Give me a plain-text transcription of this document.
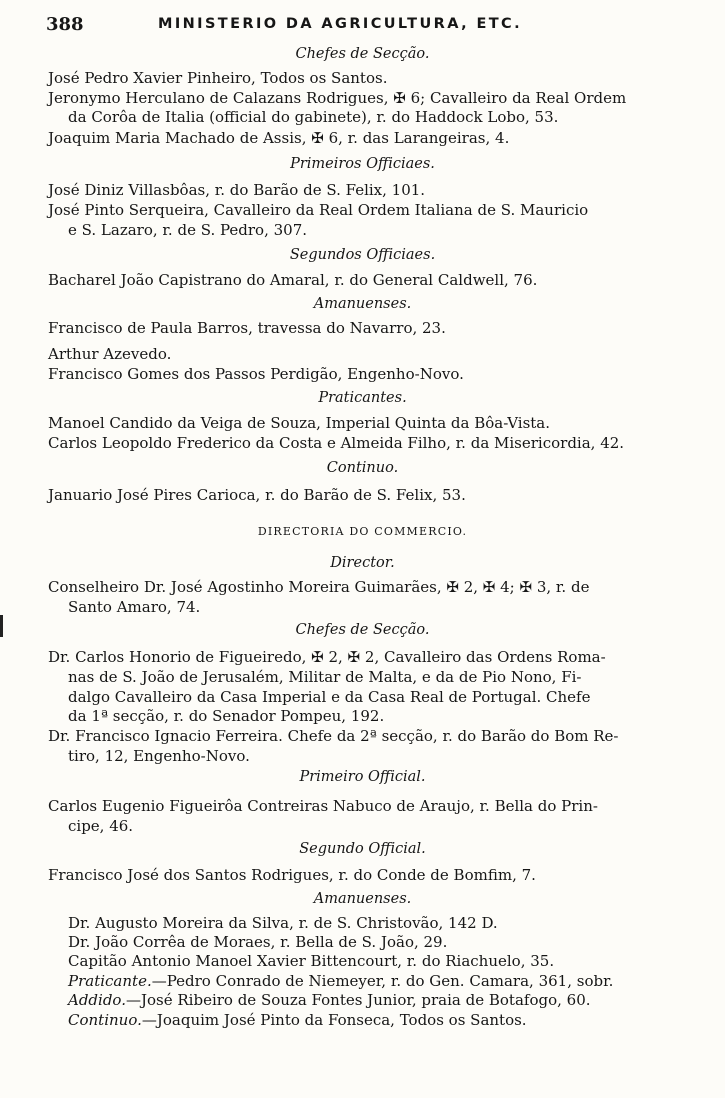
388	MINISTERIO DA AGRICULTURA, ETC.
Chefes de Secção.
José Pedro Xavier Pinheiro, Todos os Santos.
Jeronymo Herculano de Calazans Rodrigues, ✠ 6; Cavalleiro da Real Ordem
da Corôa de Italia (official do gabinete), r. do Haddock Lobo, 53.
Joaquim Maria Machado de Assis, ✠ 6, r. das Larangeiras, 4.
Primeiros Officiaes.
José Diniz Villasbôas, r. do Barão de S. Felix, 101.
José Pinto Serqueira, Cavalleiro da Real Ordem Italiana de S. Mauricio
e S. Lazaro, r. de S. Pedro, 307.
Segundos Officiaes.
Bacharel João Capistrano do Amaral, r. do General Caldwell, 76.
Amanuenses.
Francisco de Paula Barros, travessa do Navarro, 23.
Arthur Azevedo.
Francisco Gomes dos Passos Perdigão, Engenho-Novo.
Praticantes.
Manoel Candido da Veiga de Souza, Imperial Quinta da Bôa-Vista.
Carlos Leopoldo Frederico da Costa e Almeida Filho, r. da Misericordia, 42.
Continuo.
Januario José Pires Carioca, r. do Barão de S. Felix, 53.
DIRECTORIA DO COMMERCIO.
Director.
Conselheiro Dr. José Agostinho Moreira Guimarães, ✠ 2, ✠ 4; ✠ 3, r. de
Santo Amaro, 74.
Chefes de Secção.
Dr. Carlos Honorio de Figueiredo, ✠ 2, ✠ 2, Cavalleiro das Ordens Roma-
nas de S. João de Jerusalém, Militar de Malta, e da de Pio Nono, Fi-
dalgo Cavalleiro da Casa Imperial e da Casa Real de Portugal. Chefe
da 1ª secção, r. do Senador Pompeu, 192.
Dr. Francisco Ignacio Ferreira. Chefe da 2ª secção, r. do Barão do Bom Re-
tiro, 12, Engenho-Novo.
Primeiro Official.
Carlos Eugenio Figueirôa Contreiras Nabuco de Araujo, r. Bella do Prin-
cipe, 46.
Segundo Official.
Francisco José dos Santos Rodrigues, r. do Conde de Bomfim, 7.
Amanuenses.
Dr. Augusto Moreira da Silva, r. de S. Christovão, 142 D.
Dr. João Corrêa de Moraes, r. Bella de S. João, 29.
Capitão Antonio Manoel Xavier Bittencourt, r. do Riachuelo, 35.
Praticante.—Pedro Conrado de Niemeyer, r. do Gen. Camara, 361, sobr.
Addido.—José Ribeiro de Souza Fontes Junior, praia de Botafogo, 60.
Continuo.—Joaquim José Pinto da Fonseca, Todos os Santos.
